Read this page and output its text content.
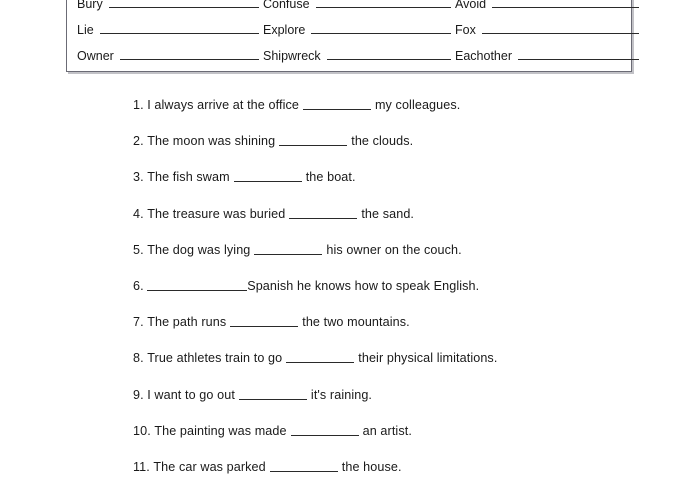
Bury	Confuse	Avoid
Lie	Explore	Fox
Owner	Shipwreck	Eachother
1. I always arrive at the office	my colleagues.
2. The moon was shining	the clouds.
3. The fish swam	the boat.
4. The treasure was buried	the sand.
5. The dog was lying	his owner on the couch.
6.	Spanish he knows how to speak English.
7. The path runs	the two mountains.
8. True athletes train to go	their physical limitations.
9. I want to go out	it's raining.
10. The painting was made	an artist.
11. The car was parked	the house.
